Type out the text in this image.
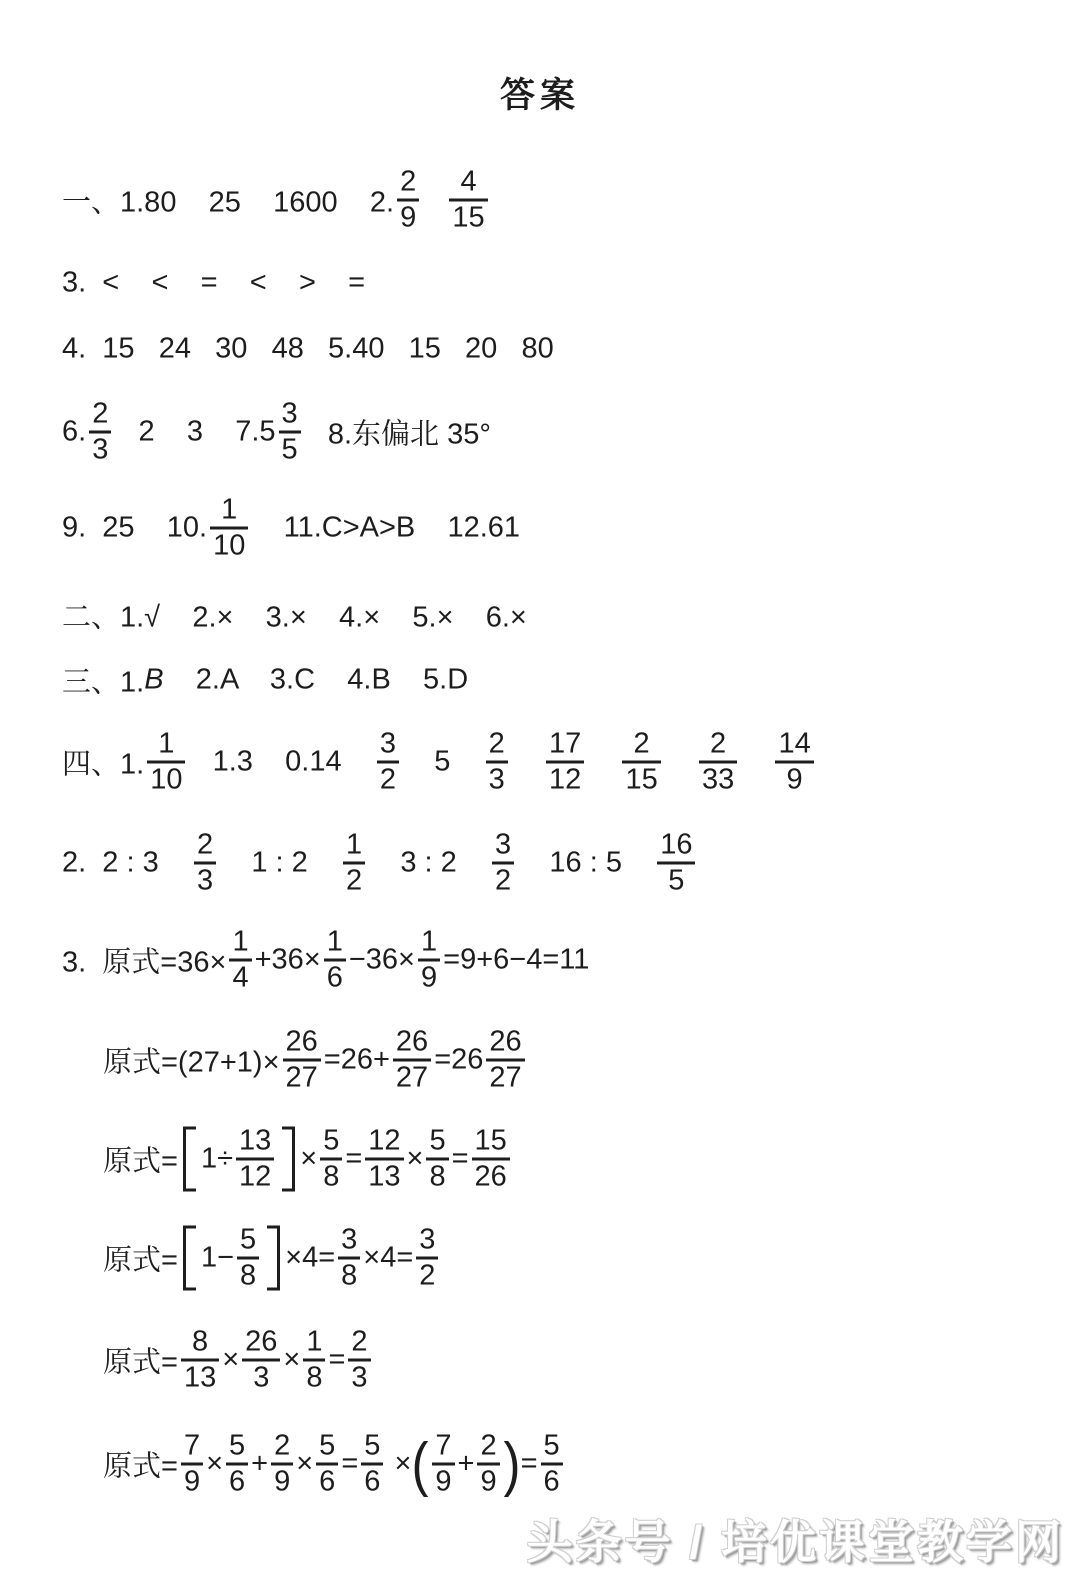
答案
一、1.80    25    1600    2. $\frac{2}{9}$
$\frac{4}{15}$
3.  <    <    =    <    >    =
4.  15   24   30   48   5.40   15   20   80
6. $\frac{2}{3} 2$    3    $7.5 \frac{3}{5} 8$.东偏北 35°
9.  25    10. $\frac{1}{10} 11.C>A>B$    12.61
二、1.√    2.×    3.×    4.×    5.×    6.×
三、1. B 2.A    3.C    4.B    5.D
四、1. $\frac{1}{10} 1.3$    $0.14 \frac{3}{2} 5 \frac{2}{3}$
$\frac{17}{12}$
$\frac{2}{15}$
$\frac{2}{33}$
$\frac{14}{9}$
2.  2 : $3 \frac{2}{3} 1$ : $2 \frac{1}{2} 3$ : $2 \frac{3}{2} 16$ : $5 \frac{16}{5}$
3.  原式$=36\times \frac{1}{4} +36\times \frac{1}{6} -36\times \frac{1}{9} =9+6-4=11$
原式$=(27+1)\times \frac{26}{27} =26+ \frac{26}{27} =26 \frac{26}{27}$
原式= $1\div \frac{13}{12} \times \frac{5}{8} = \frac{12}{13} \times \frac{5}{8} = \frac{15}{26}$
原式= $1- \frac{5}{8} \times 4= \frac{3}{8} \times 4= \frac{3}{2}$
原式= $\frac{8}{13} \times \frac{26}{3} \times \frac{1}{8} = \frac{2}{3}$
原式= $\frac{7}{9} \times \frac{5}{6} + \frac{2}{9} \times \frac{5}{6} = \frac{5}{6}$ × ( $\frac{7}{9} + \frac{2}{9}$ ) = $\frac{5}{6}$
头条号 / 培优课堂教学网
